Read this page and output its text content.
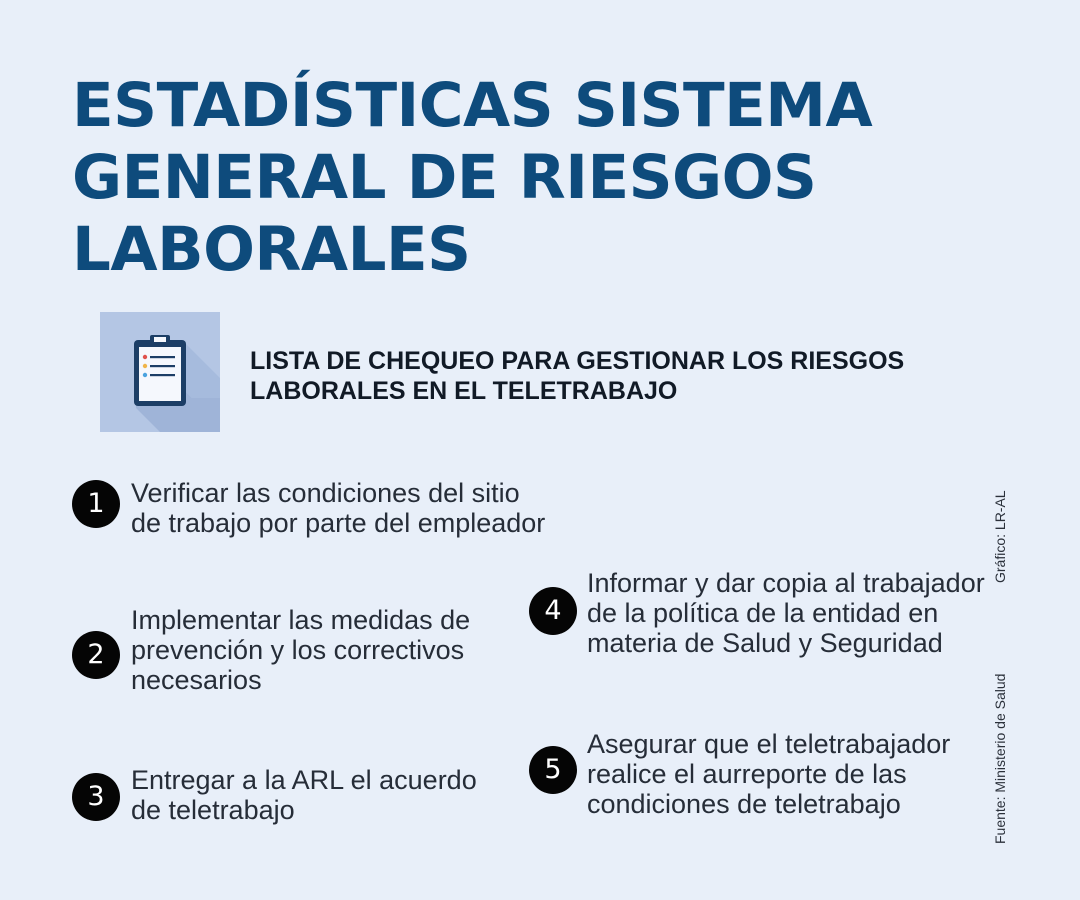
ESTADÍSTICAS SISTEMA
GENERAL DE RIESGOS
LABORALES
LISTA DE CHEQUEO PARA GESTIONAR LOS RIESGOS
LABORALES EN EL TELETRABAJO
1 Verificar las condiciones del sitio
de trabajo por parte del empleador
2
Implementar las medidas de
prevención y los correctivos
necesarios
3
Entregar a la ARL el acuerdo
de teletrabajo
4
Informar y dar copia al trabajador
de la política de la entidad en
materia de Salud y Seguridad
5
Asegurar que el teletrabajador
realice el aurreporte de las
condiciones de teletrabajo
Gráfico: LR-AL
Fuente: Ministerio de Salud
